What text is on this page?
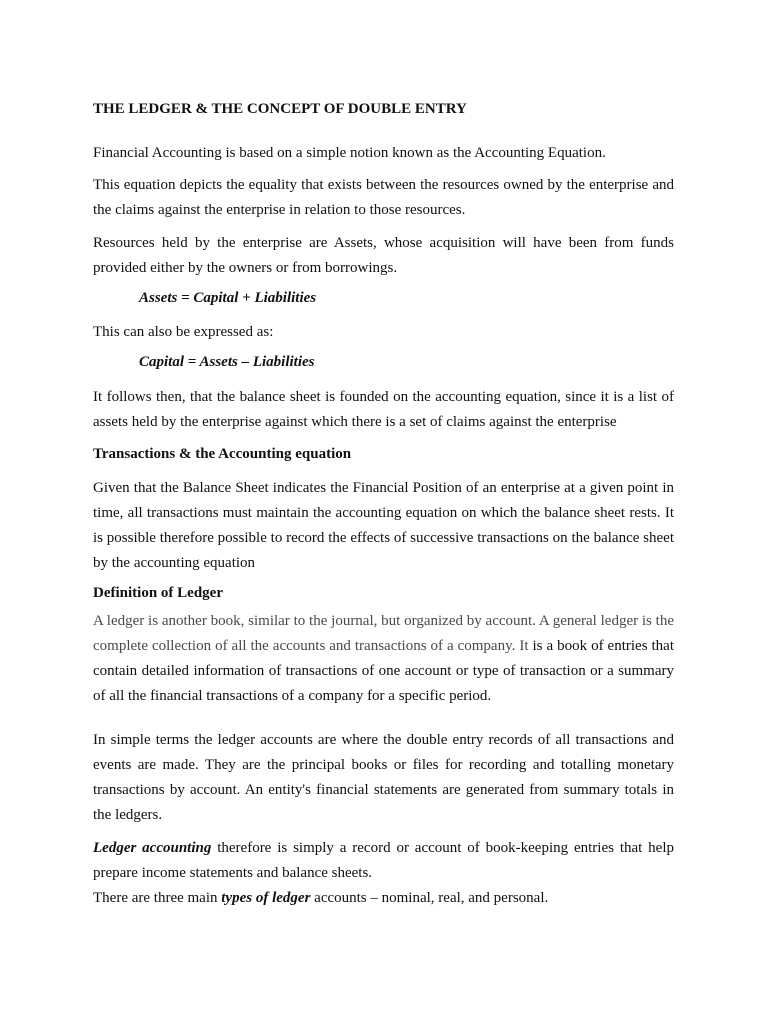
THE LEDGER & THE CONCEPT OF DOUBLE ENTRY
Financial Accounting is based on a simple notion known as the Accounting Equation.
This equation depicts the equality that exists between the resources owned by the enterprise and the claims against the enterprise in relation to those resources.
Resources held by the enterprise are Assets, whose acquisition will have been from funds provided either by the owners or from borrowings.
Assets = Capital + Liabilities
This can also be expressed as:
Capital = Assets – Liabilities
It follows then, that the balance sheet is founded on the accounting equation, since it is a list of assets held by the enterprise against which there is a set of claims against the enterprise
Transactions & the Accounting equation
Given that the Balance Sheet indicates the Financial Position of an enterprise at a given point in time, all transactions must maintain the accounting equation on which the balance sheet rests. It is possible therefore possible to record the effects of successive transactions on the balance sheet by the accounting equation
Definition of Ledger
A ledger is another book, similar to the journal, but organized by account. A general ledger is the complete collection of all the accounts and transactions of a company. It is a book of entries that contain detailed information of transactions of one account or type of transaction or a summary of all the financial transactions of a company for a specific period.
In simple terms the ledger accounts are where the double entry records of all transactions and events are made. They are the principal books or files for recording and totalling monetary transactions by account. An entity's financial statements are generated from summary totals in the ledgers.
Ledger accounting therefore is simply a record or account of book-keeping entries that help prepare income statements and balance sheets.
There are three main types of ledger accounts – nominal, real, and personal.
